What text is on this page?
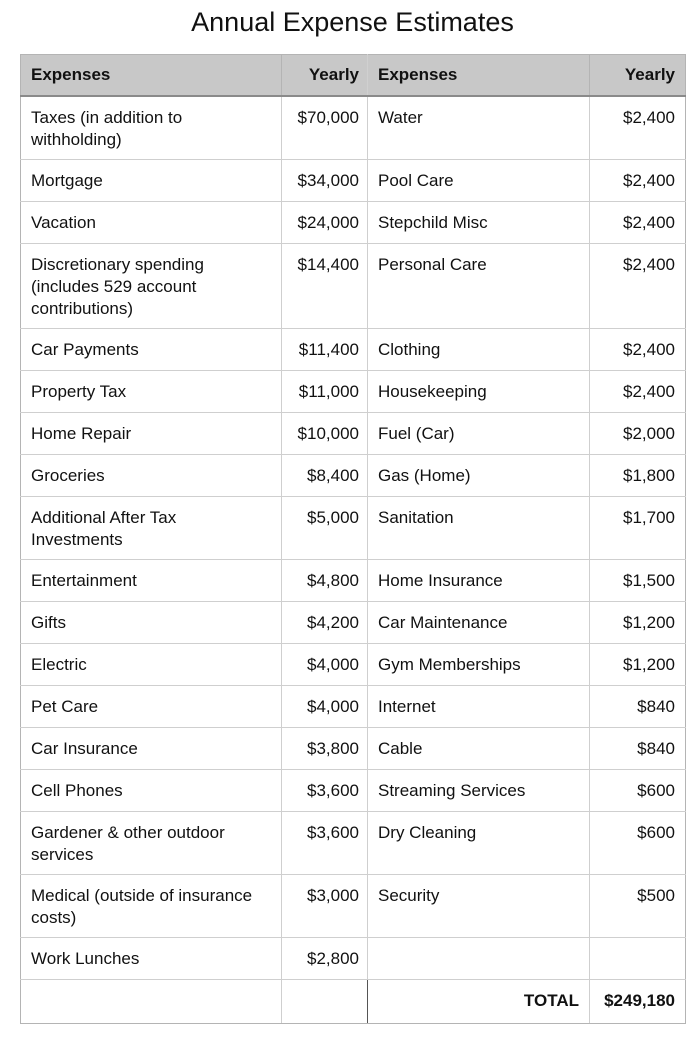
Annual Expense Estimates
Expenses	Yearly	Expenses	Yearly
Taxes (in addition to withholding)	$70,000	Water	$2,400
Mortgage	$34,000	Pool Care	$2,400
Vacation	$24,000	Stepchild Misc	$2,400
Discretionary spending (includes 529 account contributions)	$14,400	Personal Care	$2,400
Car Payments	$11,400	Clothing	$2,400
Property Tax	$11,000	Housekeeping	$2,400
Home Repair	$10,000	Fuel (Car)	$2,000
Groceries	$8,400	Gas (Home)	$1,800
Additional After Tax Investments	$5,000	Sanitation	$1,700
Entertainment	$4,800	Home Insurance	$1,500
Gifts	$4,200	Car Maintenance	$1,200
Electric	$4,000	Gym Memberships	$1,200
Pet Care	$4,000	Internet	$840
Car Insurance	$3,800	Cable	$840
Cell Phones	$3,600	Streaming Services	$600
Gardener & other outdoor services	$3,600	Dry Cleaning	$600
Medical (outside of insurance costs)	$3,000	Security	$500
Work Lunches	$2,800		
		TOTAL	$249,180
